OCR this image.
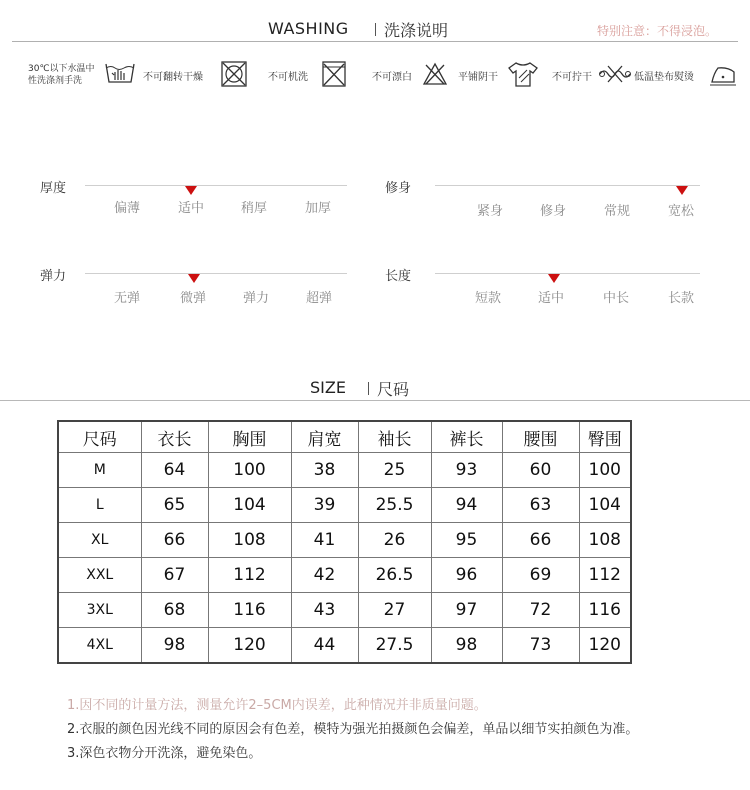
WASHING 洗涤说明	特别注意：不得浸泡。
30℃以下水温中
性洗涤剂手洗	不可翻转干燥	不可机洗	不可漂白	平铺阴干	不可拧干	低温垫布熨烫
厚度
偏薄	适中	稍厚	加厚
修身
紧身	修身	常规	宽松
弹力
无弹	微弹	弹力	超弹
长度
短款	适中	中长	长款
SIZE 尺码
尺码	衣长	胸围	肩宽	袖长	裤长	腰围	臀围
M	64	100	38	25	93	60	100
L	65	104	39	25.5	94	63	104
XL	66	108	41	26	95	66	108
XXL	67	112	42	26.5	96	69	112
3XL	68	116	43	27	97	72	116
4XL	98	120	44	27.5	98	73	120
1.因不同的计量方法，测量允许2–5CM内误差，此种情况并非质量问题。
2.衣服的颜色因光线不同的原因会有色差，模特为强光拍摄颜色会偏差，单品以细节实拍颜色为准。
3.深色衣物分开洗涤，避免染色。
